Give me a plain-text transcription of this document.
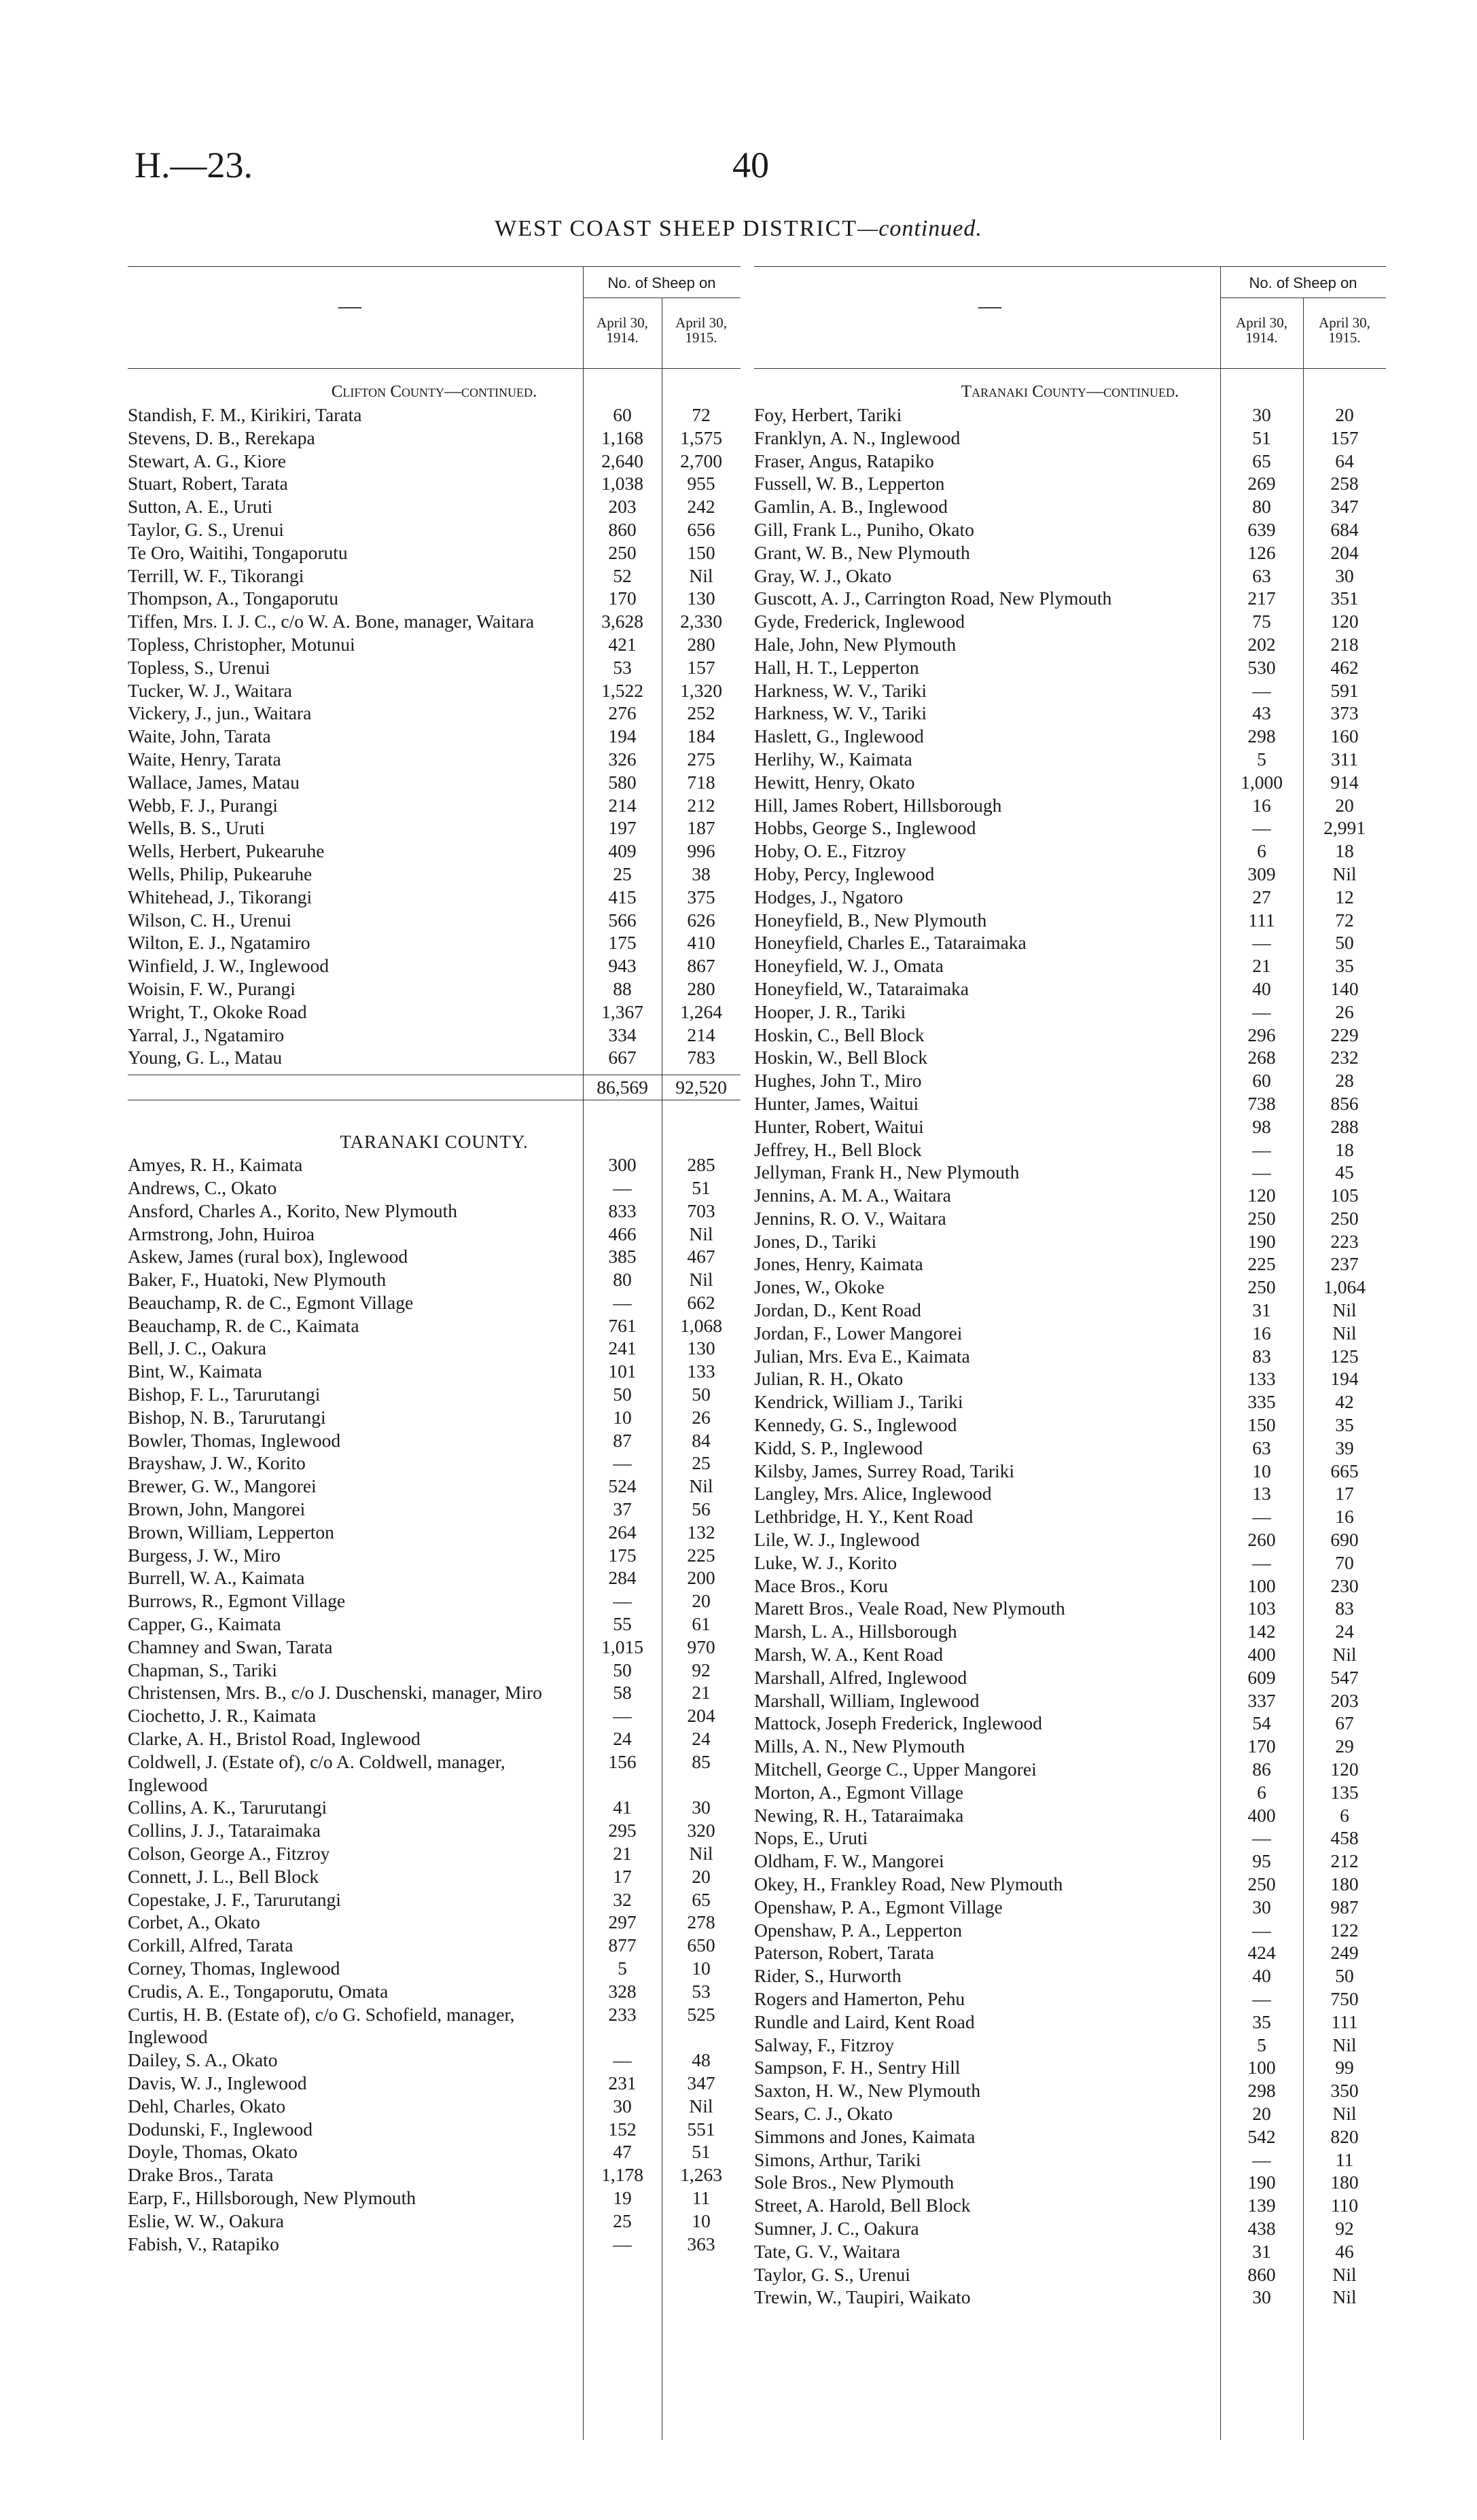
H.—23.	40
WEST COAST SHEEP DISTRICT—continued.
—
No. of Sheep on
April 30, 1914.
April 30, 1915.
Clifton County—continued.
Standish, F. M., Kirikiri, Tarata	60	72
Stevens, D. B., Rerekapa	1,168	1,575
Stewart, A. G., Kiore	2,640	2,700
Stuart, Robert, Tarata	1,038	955
Sutton, A. E., Uruti	203	242
Taylor, G. S., Urenui	860	656
Te Oro, Waitihi, Tongaporutu	250	150
Terrill, W. F., Tikorangi	52	Nil
Thompson, A., Tongaporutu	170	130
Tiffen, Mrs. I. J. C., c/o W. A. Bone, manager, Waitara	3,628	2,330
Topless, Christopher, Motunui	421	280
Topless, S., Urenui	53	157
Tucker, W. J., Waitara	1,522	1,320
Vickery, J., jun., Waitara	276	252
Waite, John, Tarata	194	184
Waite, Henry, Tarata	326	275
Wallace, James, Matau	580	718
Webb, F. J., Purangi	214	212
Wells, B. S., Uruti	197	187
Wells, Herbert, Pukearuhe	409	996
Wells, Philip, Pukearuhe	25	38
Whitehead, J., Tikorangi	415	375
Wilson, C. H., Urenui	566	626
Wilton, E. J., Ngatamiro	175	410
Winfield, J. W., Inglewood	943	867
Woisin, F. W., Purangi	88	280
Wright, T., Okoke Road	1,367	1,264
Yarral, J., Ngatamiro	334	214
Young, G. L., Matau	667	783
86,569	92,520
TARANAKI COUNTY.
Amyes, R. H., Kaimata	300	285
Andrews, C., Okato	—	51
Ansford, Charles A., Korito, New Plymouth	833	703
Armstrong, John, Huiroa	466	Nil
Askew, James (rural box), Inglewood	385	467
Baker, F., Huatoki, New Plymouth	80	Nil
Beauchamp, R. de C., Egmont Village	—	662
Beauchamp, R. de C., Kaimata	761	1,068
Bell, J. C., Oakura	241	130
Bint, W., Kaimata	101	133
Bishop, F. L., Tarurutangi	50	50
Bishop, N. B., Tarurutangi	10	26
Bowler, Thomas, Inglewood	87	84
Brayshaw, J. W., Korito	—	25
Brewer, G. W., Mangorei	524	Nil
Brown, John, Mangorei	37	56
Brown, William, Lepperton	264	132
Burgess, J. W., Miro	175	225
Burrell, W. A., Kaimata	284	200
Burrows, R., Egmont Village	—	20
Capper, G., Kaimata	55	61
Chamney and Swan, Tarata	1,015	970
Chapman, S., Tariki	50	92
Christensen, Mrs. B., c/o J. Duschenski, manager, Miro	58	21
Ciochetto, J. R., Kaimata	—	204
Clarke, A. H., Bristol Road, Inglewood	24	24
Coldwell, J. (Estate of), c/o A. Coldwell, manager, Inglewood
156	85
Collins, A. K., Tarurutangi	41	30
Collins, J. J., Tataraimaka	295	320
Colson, George A., Fitzroy	21	Nil
Connett, J. L., Bell Block	17	20
Copestake, J. F., Tarurutangi	32	65
Corbet, A., Okato	297	278
Corkill, Alfred, Tarata	877	650
Corney, Thomas, Inglewood	5	10
Crudis, A. E., Tongaporutu, Omata	328	53
Curtis, H. B. (Estate of), c/o G. Schofield, manager, Inglewood
233	525
Dailey, S. A., Okato	—	48
Davis, W. J., Inglewood	231	347
Dehl, Charles, Okato	30	Nil
Dodunski, F., Inglewood	152	551
Doyle, Thomas, Okato	47	51
Drake Bros., Tarata	1,178	1,263
Earp, F., Hillsborough, New Plymouth	19	11
Eslie, W. W., Oakura	25	10
Fabish, V., Ratapiko	—	363
—
No. of Sheep on
April 30, 1914.
April 30, 1915.
Taranaki County—continued.
Foy, Herbert, Tariki	30	20
Franklyn, A. N., Inglewood	51	157
Fraser, Angus, Ratapiko	65	64
Fussell, W. B., Lepperton	269	258
Gamlin, A. B., Inglewood	80	347
Gill, Frank L., Puniho, Okato	639	684
Grant, W. B., New Plymouth	126	204
Gray, W. J., Okato	63	30
Guscott, A. J., Carrington Road, New Plymouth	217	351
Gyde, Frederick, Inglewood	75	120
Hale, John, New Plymouth	202	218
Hall, H. T., Lepperton	530	462
Harkness, W. V., Tariki	—	591
Harkness, W. V., Tariki	43	373
Haslett, G., Inglewood	298	160
Herlihy, W., Kaimata	5	311
Hewitt, Henry, Okato	1,000	914
Hill, James Robert, Hillsborough	16	20
Hobbs, George S., Inglewood	—	2,991
Hoby, O. E., Fitzroy	6	18
Hoby, Percy, Inglewood	309	Nil
Hodges, J., Ngatoro	27	12
Honeyfield, B., New Plymouth	111	72
Honeyfield, Charles E., Tataraimaka	—	50
Honeyfield, W. J., Omata	21	35
Honeyfield, W., Tataraimaka	40	140
Hooper, J. R., Tariki	—	26
Hoskin, C., Bell Block	296	229
Hoskin, W., Bell Block	268	232
Hughes, John T., Miro	60	28
Hunter, James, Waitui	738	856
Hunter, Robert, Waitui	98	288
Jeffrey, H., Bell Block	—	18
Jellyman, Frank H., New Plymouth	—	45
Jennins, A. M. A., Waitara	120	105
Jennins, R. O. V., Waitara	250	250
Jones, D., Tariki	190	223
Jones, Henry, Kaimata	225	237
Jones, W., Okoke	250	1,064
Jordan, D., Kent Road	31	Nil
Jordan, F., Lower Mangorei	16	Nil
Julian, Mrs. Eva E., Kaimata	83	125
Julian, R. H., Okato	133	194
Kendrick, William J., Tariki	335	42
Kennedy, G. S., Inglewood	150	35
Kidd, S. P., Inglewood	63	39
Kilsby, James, Surrey Road, Tariki	10	665
Langley, Mrs. Alice, Inglewood	13	17
Lethbridge, H. Y., Kent Road	—	16
Lile, W. J., Inglewood	260	690
Luke, W. J., Korito	—	70
Mace Bros., Koru	100	230
Marett Bros., Veale Road, New Plymouth	103	83
Marsh, L. A., Hillsborough	142	24
Marsh, W. A., Kent Road	400	Nil
Marshall, Alfred, Inglewood	609	547
Marshall, William, Inglewood	337	203
Mattock, Joseph Frederick, Inglewood	54	67
Mills, A. N., New Plymouth	170	29
Mitchell, George C., Upper Mangorei	86	120
Morton, A., Egmont Village	6	135
Newing, R. H., Tataraimaka	400	6
Nops, E., Uruti	—	458
Oldham, F. W., Mangorei	95	212
Okey, H., Frankley Road, New Plymouth	250	180
Openshaw, P. A., Egmont Village	30	987
Openshaw, P. A., Lepperton	—	122
Paterson, Robert, Tarata	424	249
Rider, S., Hurworth	40	50
Rogers and Hamerton, Pehu	—	750
Rundle and Laird, Kent Road	35	111
Salway, F., Fitzroy	5	Nil
Sampson, F. H., Sentry Hill	100	99
Saxton, H. W., New Plymouth	298	350
Sears, C. J., Okato	20	Nil
Simmons and Jones, Kaimata	542	820
Simons, Arthur, Tariki	—	11
Sole Bros., New Plymouth	190	180
Street, A. Harold, Bell Block	139	110
Sumner, J. C., Oakura	438	92
Tate, G. V., Waitara	31	46
Taylor, G. S., Urenui	860	Nil
Trewin, W., Taupiri, Waikato	30	Nil
